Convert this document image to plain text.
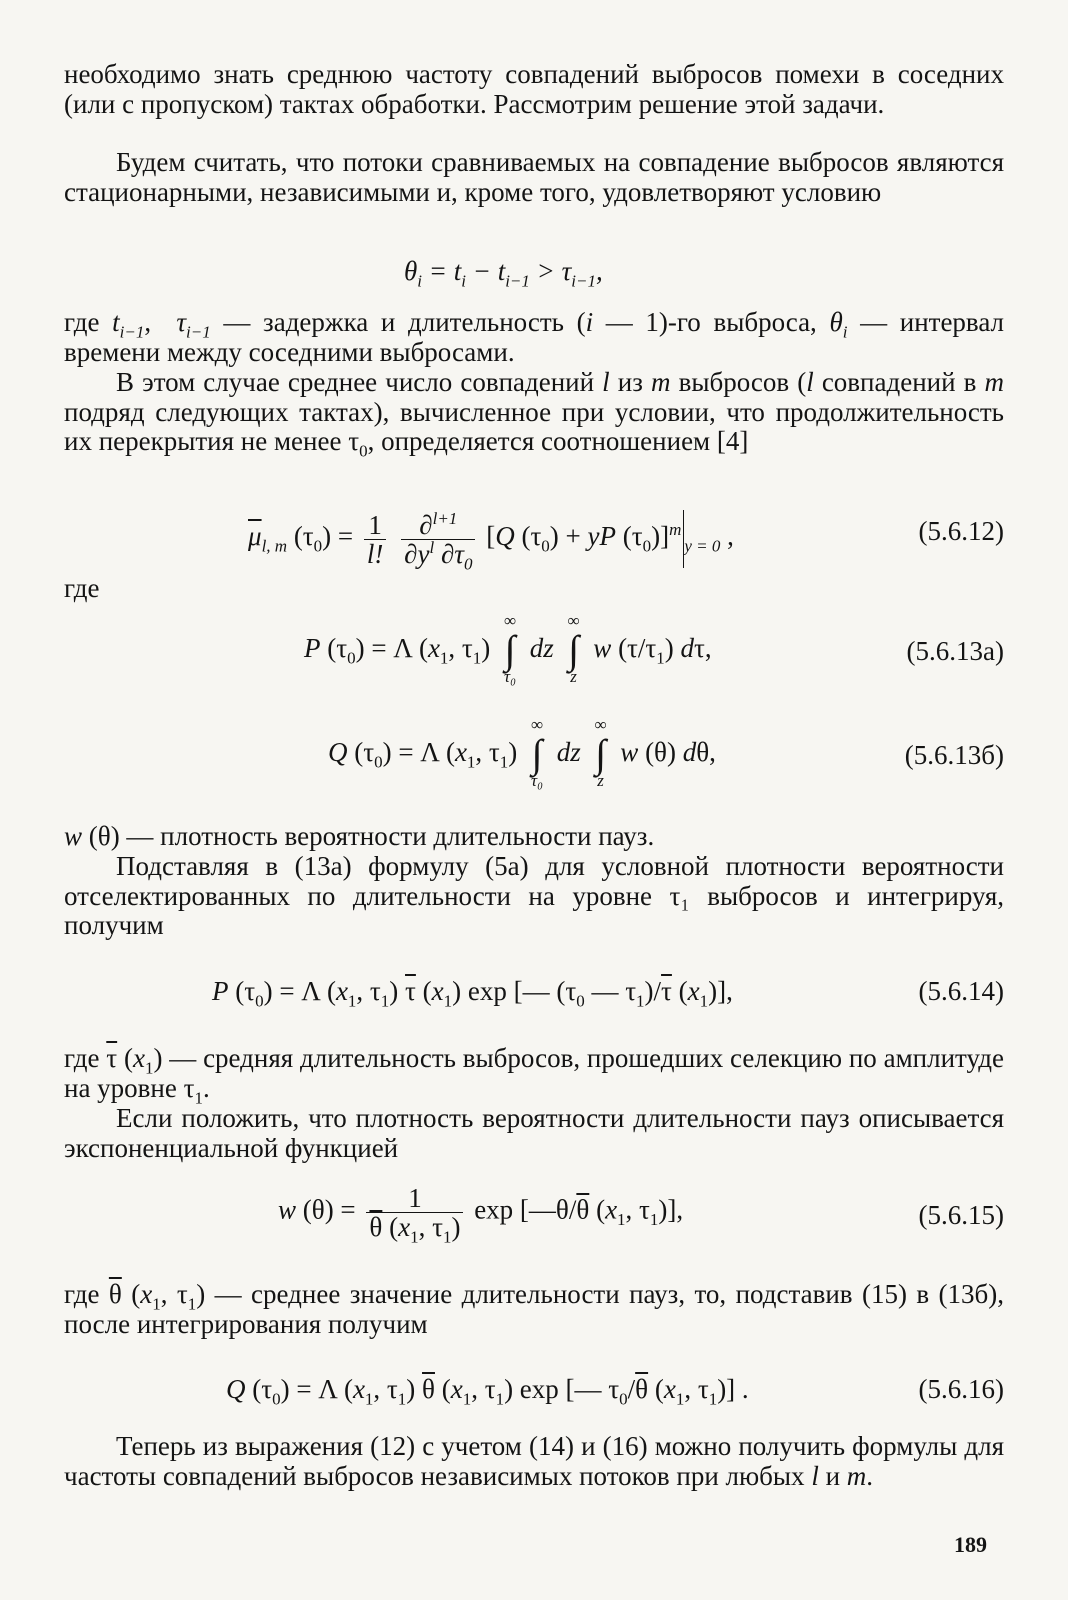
необходимо знать среднюю частоту совпадений выбросов помехи в соседних (или с пропуском) тактах обработки. Рассмотрим решение этой задачи.
Будем считать, что потоки сравниваемых на совпадение выбросов являются стационарными, независимыми и, кроме того, удовлетворяют условию
$\theta_i = t_i - t_{i-1} > \tau_{i-1}$,
где $t_{i-1}$,  $\tau_{i-1}$ — задержка и длительность (i — 1)-го выброса, $\theta_i$ — интервал времени между соседними выбросами.
В этом случае среднее число совпадений l из m выбросов (l совпадений в m подряд следующих тактах), вычисленное при условии, что продолжительность их перекрытия не менее $\tau_0$, определяется соотношением [4]
$\overline{\mu}_{l, m}$ $(\tau_0) = \frac{1}{l!}$
$\frac{\partial^{l+1}}{\partial y^l \partial\tau_0} [Q$ $(\tau_0)$ + yP $(\tau_0)]^m_{y = 0}$ ,	(5.6.12)
где
P $(\tau_0) = \Lambda$ ($x_1$, $\tau_1$)
∞
∫
τ₀
dz
∞
∫
z
w $(\tau/\tau_1)$ dτ,	(5.6.13а)
Q $(\tau_0) = \Lambda$ ($x_1$, $\tau_1$)
∞
∫
τ₀
dz
∞
∫
z
w (θ) dθ,	(5.6.13б)
w (θ) — плотность вероятности длительности пауз.
Подставляя в (13а) формулу (5а) для условной плотности вероятности отселектированных по длительности на уровне τ₁ выбросов и интегрируя, получим
P $(\tau_0) = \Lambda$ ($x_1$, $\tau_1$) $\overline{\tau}$ $(x_1)$ exp [— ($\tau_0$ — $\tau_1)/\overline{\tau}$ $(x_1)$],	(5.6.14)
где $\overline{\tau}$ $(x_1)$ — средняя длительность выбросов, прошедших селекцию по амплитуде на уровне $\tau_1$.
Если положить, что плотность вероятности длительности пауз описывается экспоненциальной функцией
w $(\theta) = \frac{1}{\overline{\theta} (x_1, \tau_1)}$ $\exp [—\theta/\overline{\theta}$ ($x_1$, $\tau_1$)],	(5.6.15)
где $\overline{\theta}$ ($x_1$, $\tau_1$) — среднее значение длительности пауз, то, подставив (15) в (13б), после интегрирования получим
Q $(\tau_0) = \Lambda$ ($x_1$, $\tau_1$) $\overline{\theta}$ ($x_1$, $\tau_1$) exp [— $\tau_0/\overline{\theta}$ ($x_1$, $\tau_1$)] .	(5.6.16)
Теперь из выражения (12) с учетом (14) и (16) можно получить формулы для частоты совпадений выбросов независимых потоков при любых l и m.
189
